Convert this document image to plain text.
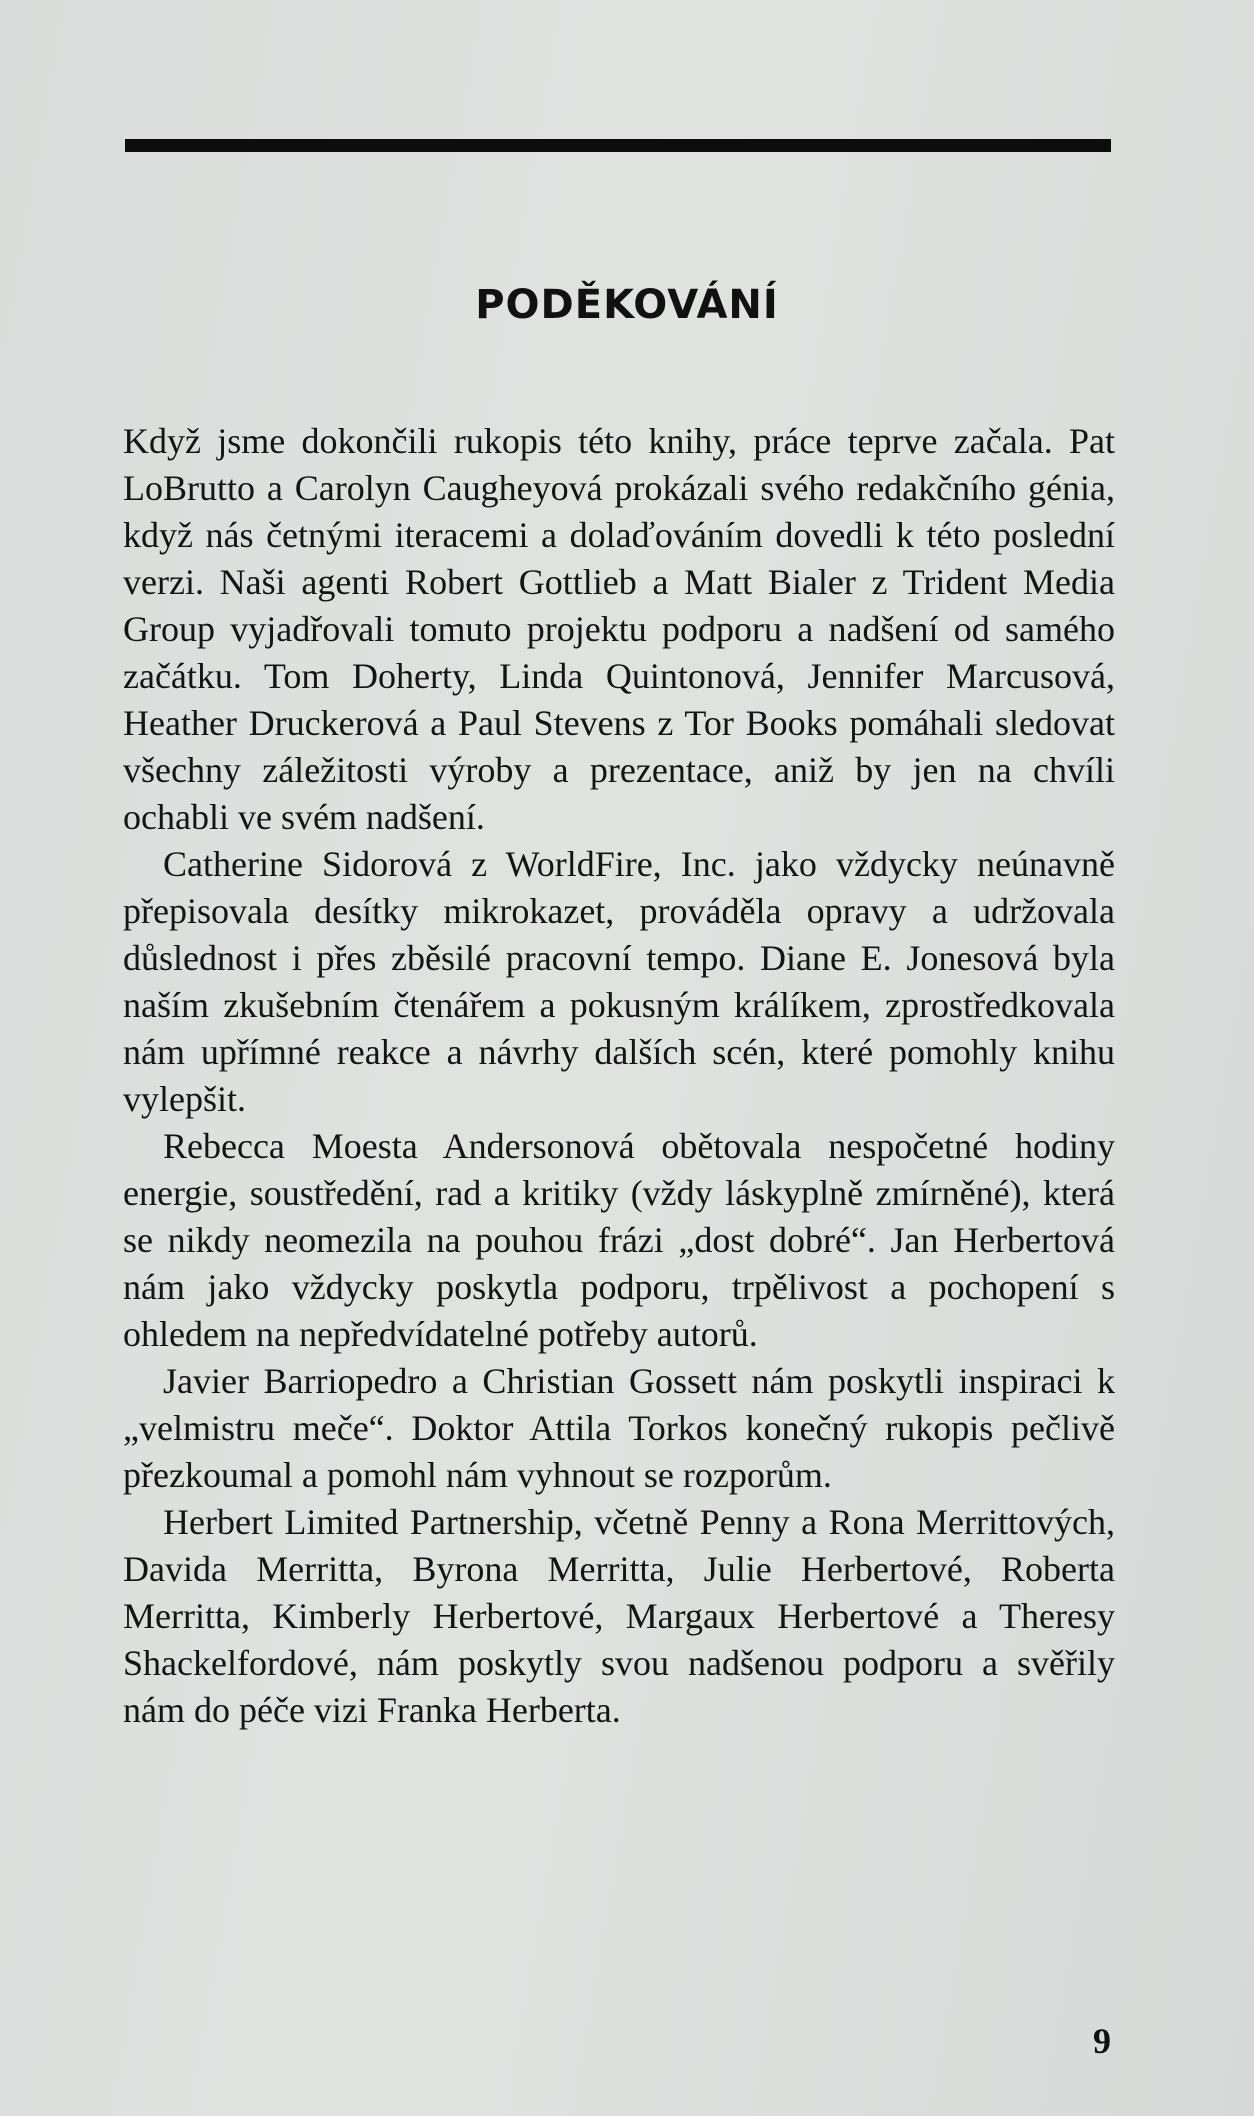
PODĚKOVÁNÍ

Když jsme dokončili rukopis této knihy, práce teprve začala. Pat LoBrutto a Carolyn Caugheyová prokázali svého redakčního génia, když nás četnými iteracemi a dolaďováním dovedli k této poslední verzi. Naši agenti Robert Gottlieb a Matt Bialer z Trident Media Group vyjadřovali tomuto projektu podporu a nadšení od samého začátku. Tom Doherty, Linda Quintonová, Jennifer Marcusová, Heather Druckerová a Paul Stevens z Tor Books pomáhali sledovat všechny záležitosti výroby a prezentace, aniž by jen na chvíli ochabli ve svém nadšení.

Catherine Sidorová z WorldFire, Inc. jako vždycky neúnavně přepisovala desítky mikrokazet, prováděla opravy a udržovala důslednost i přes zběsilé pracovní tempo. Diane E. Jonesová byla naším zkušebním čtenářem a pokusným králíkem, zprostředkovala nám upřímné reakce a návrhy dalších scén, které pomohly knihu vylepšit.

Rebecca Moesta Andersonová obětovala nespočetné hodiny energie, soustředění, rad a kritiky (vždy láskyplně zmírněné), která se nikdy neomezila na pouhou frázi „dost dobré“. Jan Herbertová nám jako vždycky poskytla podporu, trpělivost a pochopení s ohledem na nepředvídatelné potřeby autorů.

Javier Barriopedro a Christian Gossett nám poskytli inspiraci k „velmistru meče“. Doktor Attila Torkos konečný rukopis pečlivě přezkoumal a pomohl nám vyhnout se rozporům.

Herbert Limited Partnership, včetně Penny a Rona Merrittových, Davida Merritta, Byrona Merritta, Julie Herbertové, Roberta Merritta, Kimberly Herbertové, Margaux Herbertové a Theresy Shackelfordové, nám poskytly svou nadšenou podporu a svěřily nám do péče vizi Franka Herberta.

9
